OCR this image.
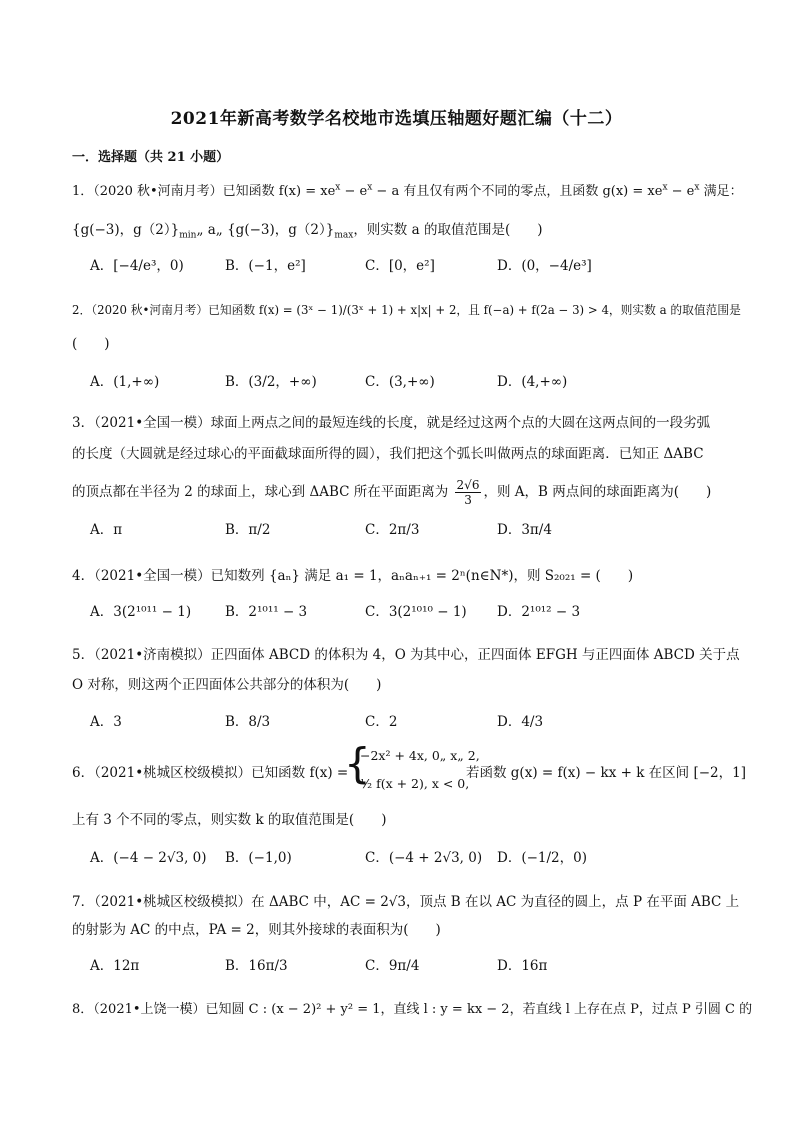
2021年新高考数学名校地市选填压轴题好题汇编（十二）
一．选择题（共 21 小题）
1．（2020 秋•河南月考）已知函数 $f(x) = xe^x - e^x - a$ 有且仅有两个不同的零点，且函数 $g(x) = xe^x - e^x$ 满足：
{g(−3)，$g(2)\}_{min}„$ a„ {g(−3)，$g(2)\}_{max}$，则实数 a 的取值范围是(　　)
A．[−4/e³，0)	B．(−1，e²]	C．[0，e²]	D．(0，−4/e³]
2．（2020 秋•河南月考）已知函数 f(x) = (3ˣ − 1)/(3ˣ + 1) + x|x| + 2，且 f(−a) + f(2a − 3) > 4，则实数 a 的取值范围是
(　　)
A．(1,+∞)	B．(3/2，+∞)	C．(3,+∞)	D．(4,+∞)
3．（2021•全国一模）球面上两点之间的最短连线的长度，就是经过这两个点的大圆在这两点间的一段劣弧
的长度（大圆就是经过球心的平面截球面所得的圆），我们把这个弧长叫做两点的球面距离．已知正 ΔABC
的顶点都在半径为 2 的球面上，球心到 ΔABC 所在平面距离为 $\frac{2√6}{3}$ ，则 A，B 两点间的球面距离为(　　)
A．π	B．π/2	C．2π/3	D．3π/4
4．（2021•全国一模）已知数列 {aₙ} 满足 a₁ = 1，aₙaₙ₊₁ = 2ⁿ(n∈N*)，则 S₂₀₂₁ = (　　)
A．3(2¹⁰¹¹ − 1)	B．2¹⁰¹¹ − 3	C．3(2¹⁰¹⁰ − 1) D．2¹⁰¹² − 3
5．（2021•济南模拟）正四面体 ABCD 的体积为 4，O 为其中心，正四面体 EFGH 与正四面体 ABCD 关于点
O 对称，则这两个正四面体公共部分的体积为(　　)
A．3	B．8/3	C．2	D．4/3
6．（2021•桃城区校级模拟）已知函数 f(x) =
{
−2x² + 4x, 0„ x„ 2,
½ f(x + 2), x < 0,
若函数 g(x) = f(x) − kx + k 在区间 [−2，1]
上有 3 个不同的零点，则实数 k 的取值范围是(　　)
A．(−4 − 2√3, 0) B．(−1,0)	C．(−4 + 2√3, 0) D．(−1/2，0)
7．（2021•桃城区校级模拟）在 ΔABC 中，AC = 2√3，顶点 B 在以 AC 为直径的圆上，点 P 在平面 ABC 上
的射影为 AC 的中点，PA = 2，则其外接球的表面积为(　　)
A．12π	B．16π/3	C．9π/4	D．16π
8．（2021•上饶一模）已知圆 C : (x − 2)² + y² = 1，直线 l : y = kx − 2，若直线 l 上存在点 P，过点 P 引圆 C 的
